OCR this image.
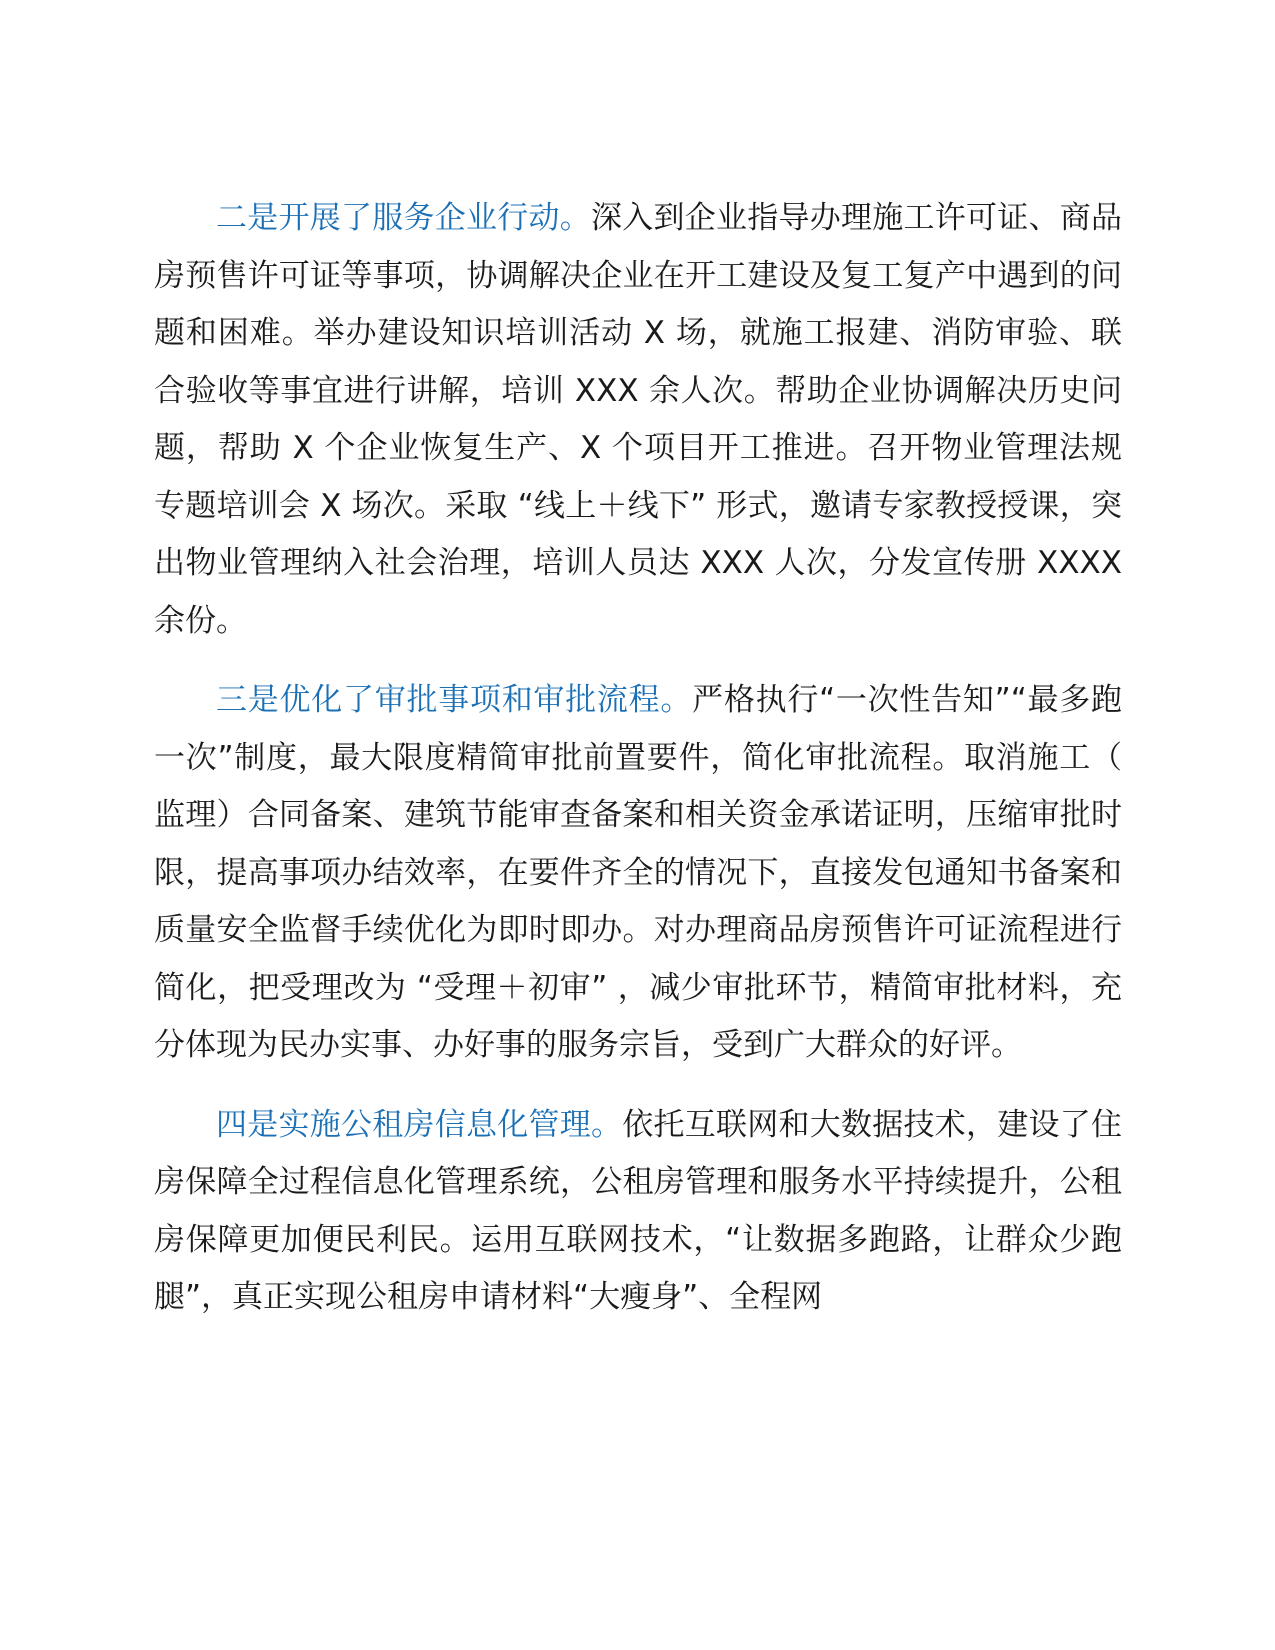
二是开展了服务企业行动。深入到企业指导办理施工许可证、商品房预售许可证等事项，协调解决企业在开工建设及复工复产中遇到的问题和困难。举办建设知识培训活动 X 场，就施工报建、消防审验、联合验收等事宜进行讲解，培训 XXX 余人次。帮助企业协调解决历史问题，帮助 X 个企业恢复生产、X 个项目开工推进。召开物业管理法规专题培训会 X 场次。采取 “线上＋线下” 形式，邀请专家教授授课，突出物业管理纳入社会治理，培训人员达 XXX 人次，分发宣传册 XXXX 余份。

三是优化了审批事项和审批流程。严格执行“一次性告知”“最多跑一次”制度，最大限度精简审批前置要件，简化审批流程。取消施工（监理）合同备案、建筑节能审查备案和相关资金承诺证明，压缩审批时限，提高事项办结效率，在要件齐全的情况下，直接发包通知书备案和质量安全监督手续优化为即时即办。对办理商品房预售许可证流程进行简化，把受理改为 “受理＋初审” ，减少审批环节，精简审批材料，充分体现为民办实事、办好事的服务宗旨，受到广大群众的好评。

四是实施公租房信息化管理。依托互联网和大数据技术，建设了住房保障全过程信息化管理系统，公租房管理和服务水平持续提升，公租房保障更加便民利民。运用互联网技术，“让数据多跑路，让群众少跑腿”，真正实现公租房申请材料“大瘦身”、全程网
